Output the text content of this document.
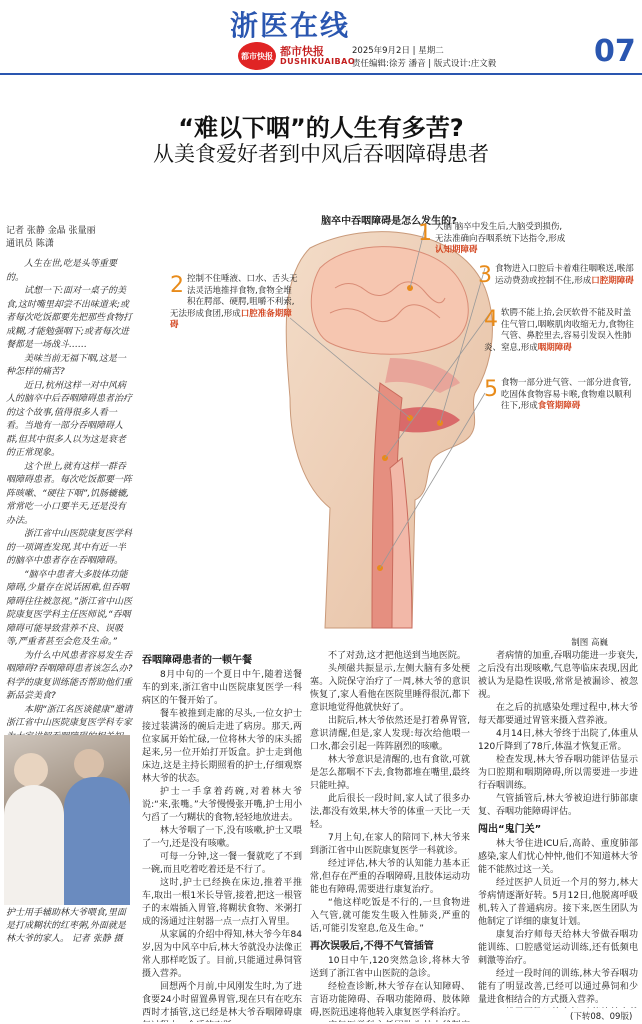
浙医在线
都市快报 都市快报
DUSHIKUAIBAO
2025年9月2日 | 星期二
责任编辑:徐芳 潘音 | 版式设计:庄文毅	07
“难以下咽”的人生有多苦?
从美食爱好者到中风后吞咽障碍患者
记者 张静 金晶 张量丽
通讯员 陈潇

人生在世,吃是头等重要的。

试想一下:面对一桌子的美食,这时嘴里却尝不出味道来;或者每次吃饭都要先把那些食物打成糊,才能勉强咽下;或者每次进餐都是一场战斗……

美味当前无福下咽,这是一种怎样的痛苦?

近日,杭州这样一对中风病人的脑卒中后吞咽障碍患者治疗的这个故事,值得很多人看一看。当地有一部分吞咽障碍人群,但其中很多人以为这是衰老的正常现象。

这个世上,就有这样一群吞咽障碍患者。每次吃饭都要一阵阵咳嗽、“硬往下咽”,饥肠辘辘,常常吃一小口要半天,还是没有办法。

浙江省中山医院康复医学科的一项调查发现,其中有近一半的脑卒中患者存在吞咽障碍。

“脑卒中患者大多肢体功能障碍,少量存在说话困难,但吞咽障碍往往被忽视。”浙江省中山医院康复医学科主任医师说,“吞咽障碍可能导致营养不良、误吸等,严重者甚至会危及生命。”

为什么中风患者容易发生吞咽障碍?吞咽障碍患者该怎么办?科学的康复训练能否帮助他们重新品尝美食?

本期“浙江名医谈健康”邀请浙江省中山医院康复医学科专家

护士用手辅助林大爷喂食,里面是打成糊状的红枣粥,外面就是林大爷的家人。 记者 张静 摄
脑卒中吞咽障碍是怎么发生的?
1 大脑 脑卒中发生后,大脑受到损伤,无法准确向吞咽系统下达指令,形成认知期障碍
2 控制不住唾液、口水、舌头无法灵活地推拌食物,食物全堆积在腭部、硬腭,咀嚼不利索,无法形成食团,形成口腔准备期障碍
3 食物进入口腔后卡着难往咽喉送,喉部运动费劲或控制不住,形成口腔期障碍
4 软腭不能上抬,会厌软骨不能及时盖住气管口,咽喉肌肉收缩无力,食物往气管、鼻腔里去,容易引发误入性肺炎、窒息,形成咽期障碍
5 食物一部分进气管、一部分进食管,吃固体食物容易卡喉,食物难以顺利往下,形成食管期障碍
制图 高巍
吞咽障碍患者的一顿午餐

8月中旬的一个夏日中午,随着送餐车的到来,浙江省中山医院康复医学一科病区的午餐开始了。

餐车被推到走廊的尽头,一位女护士接过装满汤的碗后走进了病房。那天,两位家属开始忙碌,一位将林大爷的床头摇起来,另一位开始打开饭盒。护士走到他床边,这是主持长期照看的护士,仔细观察林大爷的状态。

护士一手拿着药碗,对着林大爷说:“来,张嘴。”大爷慢慢张开嘴,护士用小勺舀了一勺糊状的食物,轻轻地放进去。

林大爷咽了一下,没有咳嗽,护士又喂了一勺,还是没有咳嗽。

可每一分钟,这一餐一餐就吃了不到一碗,而且吃着吃着还是不行了。

这时,护士已经换在床边,推着平推车,取出一根1米长导管,接着,把这一根管子的末端插入胃管,将糊状食物、米粥打成的汤通过注射器一点一点打入胃里。

从家属的介绍中得知,林大爷今年84岁,因为中风卒中后,林大爷就没办法像正常人那样吃饭了。目前,只能通过鼻饲管摄入营养。

回想两个月前,中风刚发生时,为了进食要24小时留置鼻胃管,现在只有在吃东西时才插管,这已经是林大爷吞咽障碍康

不了对劲,这才把他送到当地医院。

头颅磁共振显示,左侧大脑有多处梗塞。入院保守治疗了一周,林大爷的意识恢复了,家人看他在医院里睡得很沉,都下意识地觉得他就快好了。

出院后,林大爷依然还是打着鼻胃管,意识清醒,但是,家人发现:每次给他喂一口水,都会引起一阵阵剧烈的咳嗽。

林大爷意识是清醒的,也有食欲,可就是怎么都咽不下去,食物都堆在嘴里,最终只能吐掉。

此后很长一段时间,家人试了很多办法,都没有效果,林大爷的体重一天比一天轻。

7月上旬,在家人的陪同下,林大爷来到浙江省中山医院康复医学一科就诊。

经过评估,林大爷的认知能力基本正常,但存在严重的吞咽障碍,且肢体运动功能也有障碍,需要进行康复治疗。

“他这样吃饭是不行的,一旦食物进入气管,就可能发生吸入性肺炎,严重的话,可能引发窒息,危及生命。”

再次误吸后,不得不气管插管

10日中午,120突然急诊,将林大爷送到了浙江省中山医院的急诊。

经检查诊断,林大爷存在认知障碍、言语功能障碍、吞咽功能障碍、肢体障碍,医院迅速将他转入康复医学科治疗。

者病情的加重,吞咽功能进一步衰失,之后没有出现咳嗽,气息等临床表现,因此被认为是隐性误吸,常常是被漏诊、被忽视。

在之后的抗感染处理过程中,林大爷每天都要通过胃管来摄入营养液。

4月14日,林大爷终于出院了,体重从120斤降到了78斤,体温才恢复正常。

检查发现,林大爷吞咽功能评估显示为口腔期和咽期障碍,所以需要进一步进行吞咽训练。

气管插管后,林大爷被迫进行肺部康复、吞咽功能障碍评估。

闯出“鬼门关”

林大爷住进ICU后,高龄、重度肺部感染,家人们忧心忡忡,他们不知道林大爷能不能熬过这一关。

经过医护人员近一个月的努力,林大爷病情逐渐好转。5月12日,他脱离呼吸机,转入了普通病房。接下来,医生团队为他制定了详细的康复计划。

康复治疗师每天给林大爷做吞咽功能训练、口腔感觉运动训练,还有低频电刺激等治疗。

经过一段时间的训练,林大爷吞咽功能有了明显改善,已经可以通过鼻饲和少量进食相结合的方式摄入营养。

(下转08、09版)
